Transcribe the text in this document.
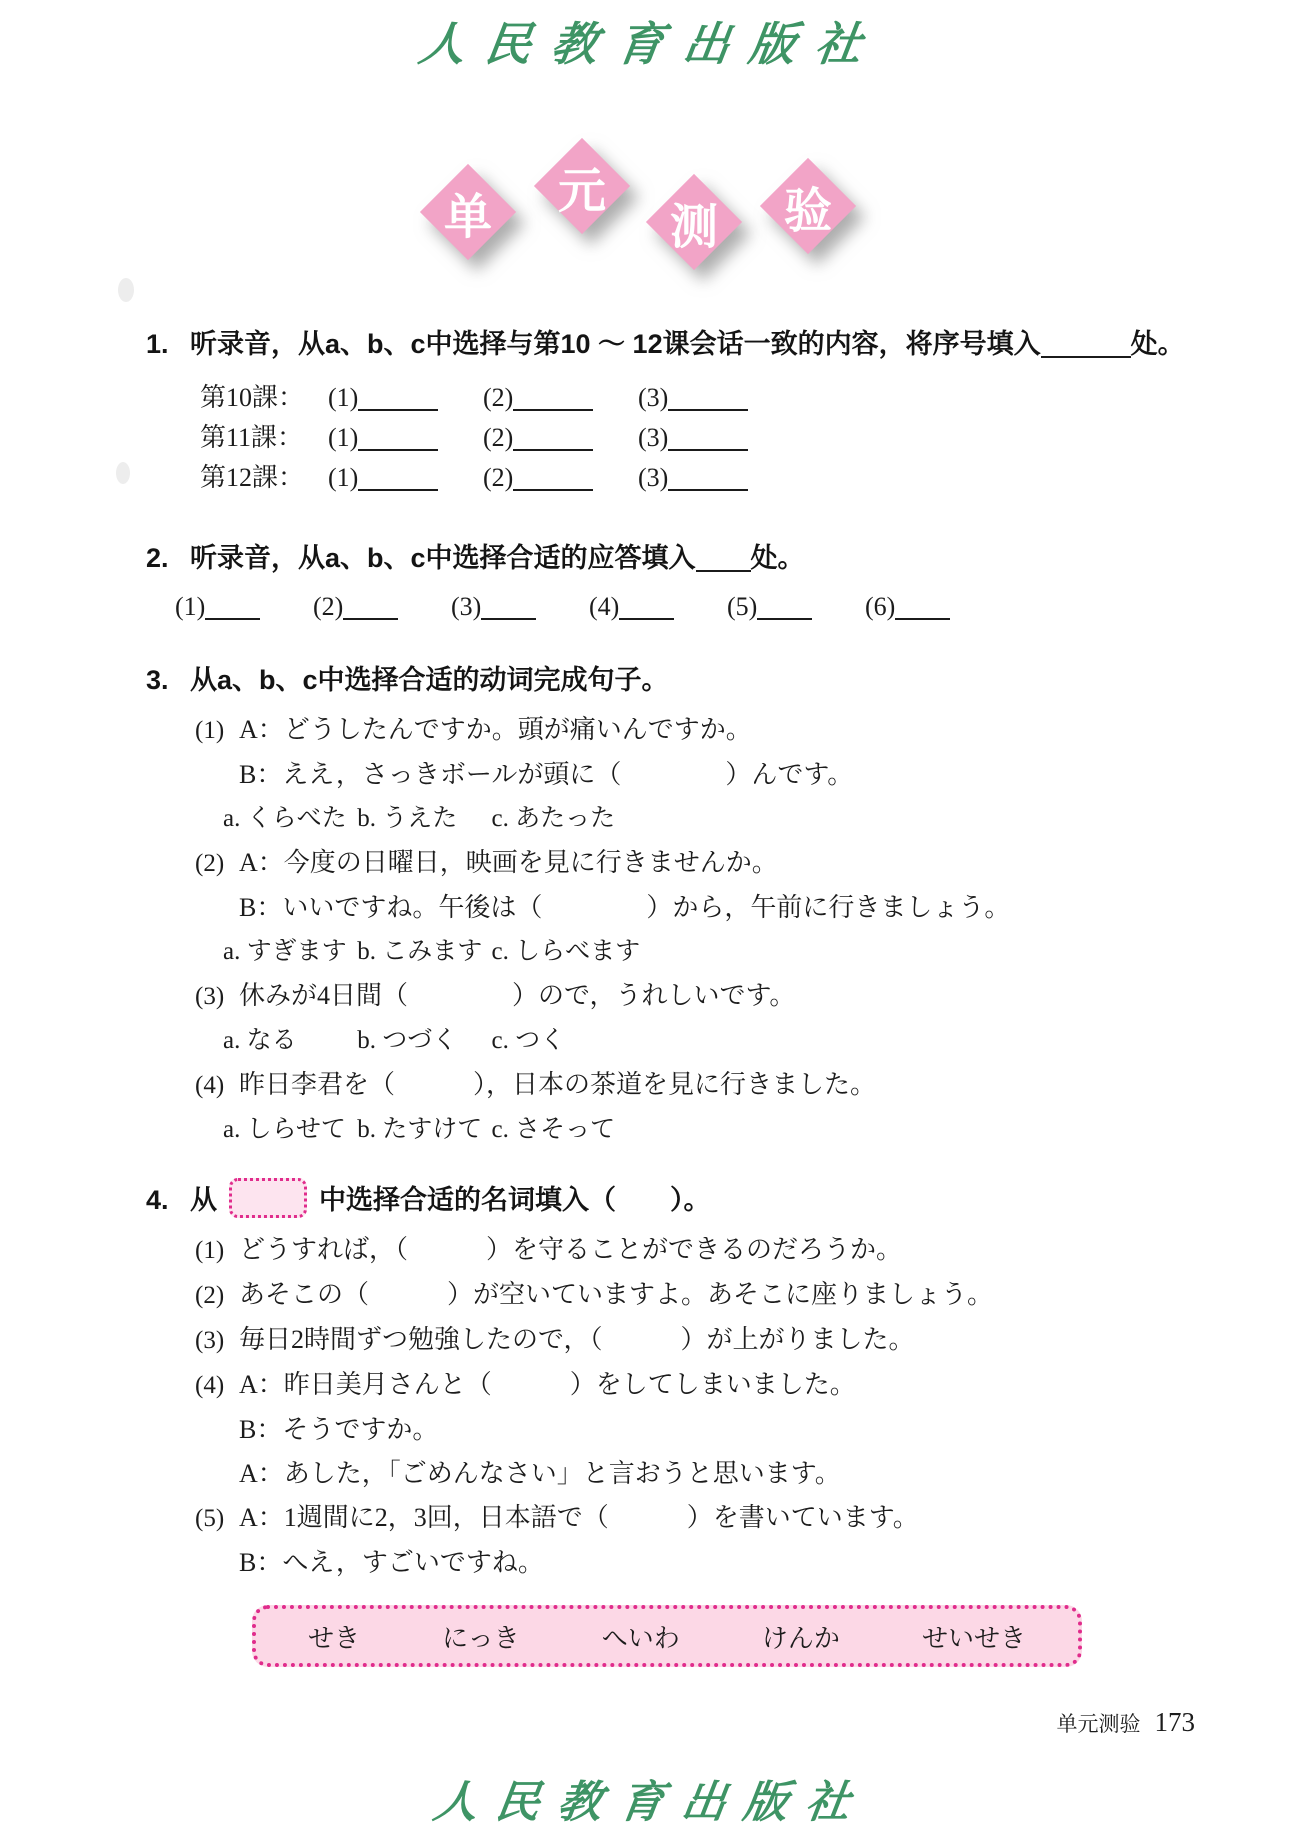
人民教育出版社
单	元
测	验
1. 听录音，从a、b、c中选择与第10 ～ 12课会话一致的内容，将序号填入	处。
第10課： (1)	(2)	(3)
第11課： (1)	(2)	(3)
第12課： (1)	(2)	(3)
2. 听录音，从a、b、c中选择合适的应答填入 处。
(1)	(2)	(3)	(4)	(5)	(6)
3. 从a、b、c中选择合适的动词完成句子。
(1) A：どうしたんですか。頭が痛いんですか。
B：ええ，さっきボールが頭に（　　　　）んです。
a. くらべた b. うえた c. あたった
(2) A：今度の日曜日，映画を見に行きませんか。
B：いいですね。午後は（　　　　）から，午前に行きましょう。
a. すぎます b. こみます c. しらべます
(3) 休みが4日間（　　　　）ので，うれしいです。
a. なる b. つづく c. つく
(4) 昨日李君を（　　　），日本の茶道を見に行きました。
a. しらせて b. たすけて c. さそって
4. 从	中选择合适的名词填入（　　）。
(1) どうすれば，（　　　）を守ることができるのだろうか。
(2) あそこの（　　　）が空いていますよ。あそこに座りましょう。
(3) 毎日2時間ずつ勉強したので，（　　　）が上がりました。
(4) A：昨日美月さんと（　　　）をしてしまいました。
B：そうですか。
A：あした，「ごめんなさい」と言おうと思います。
(5) A：1週間に2，3回，日本語で（　　　）を書いています。
B：へえ，すごいですね。
せき	にっき	へいわ	けんか	せいせき
单元测验 173
人民教育出版社
